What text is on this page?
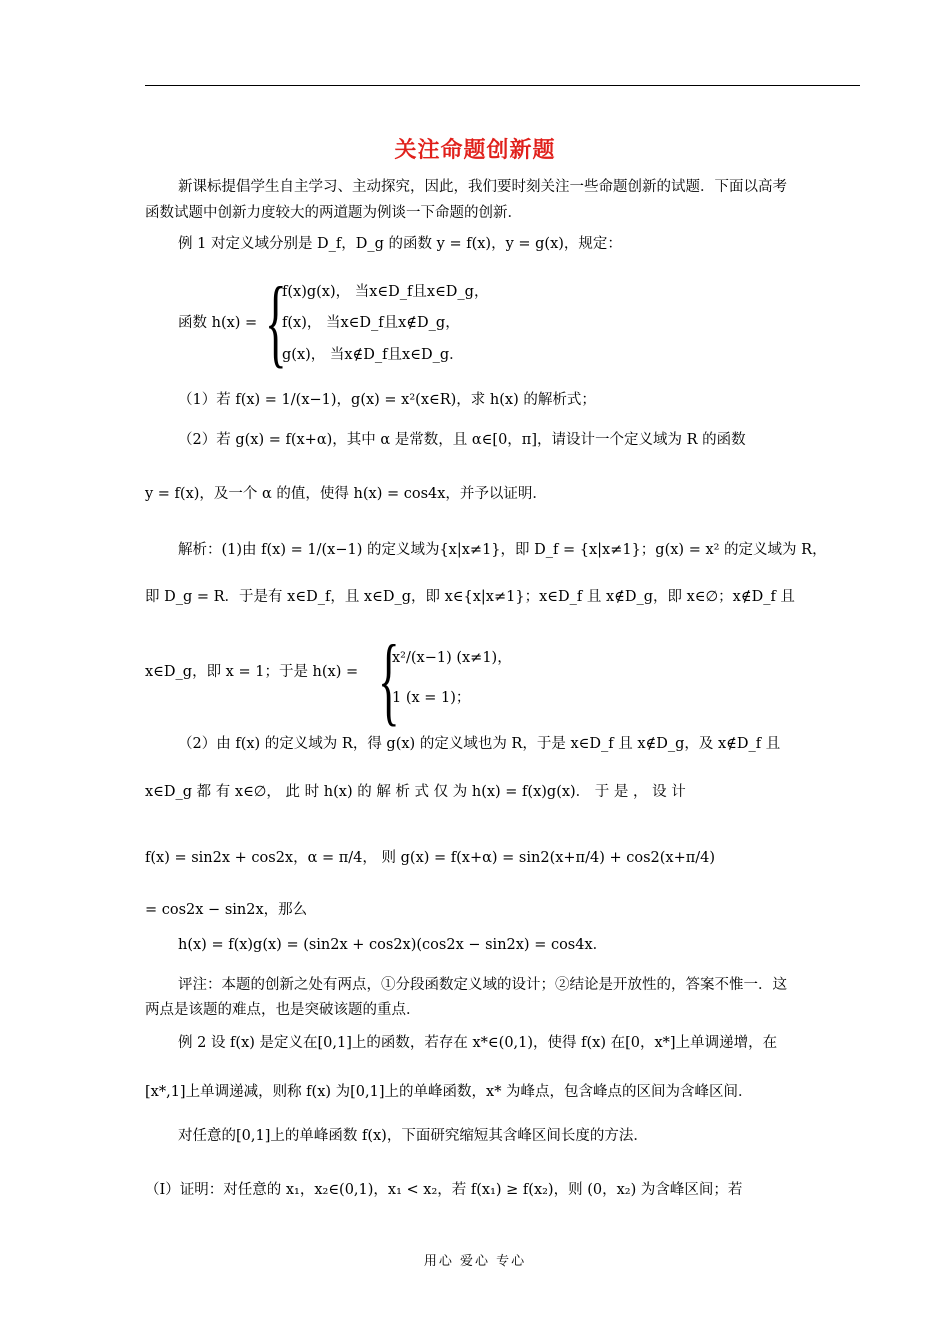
关注命题创新题
新课标提倡学生自主学习、主动探究，因此，我们要时刻关注一些命题创新的试题．下面以高考
函数试题中创新力度较大的两道题为例谈一下命题的创新．
例 1 对定义域分别是 D_f，D_g 的函数 y = f(x)，y = g(x)，规定：
函数 h(x) = {
f(x)g(x)， 当x∈D_f且x∈D_g，
f(x)， 当x∈D_f且x∉D_g，
g(x)， 当x∉D_f且x∈D_g．
（1）若 f(x) = 1/(x−1)，g(x) = x²(x∈R)，求 h(x) 的解析式；
（2）若 g(x) = f(x+α)，其中 α 是常数，且 α∈[0，π]，请设计一个定义域为 R 的函数
y = f(x)，及一个 α 的值，使得 h(x) = cos4x，并予以证明．
解析：(1)由 f(x) = 1/(x−1) 的定义域为{x|x≠1}，即 D_f = {x|x≠1}；g(x) = x² 的定义域为 R，
即 D_g = R．于是有 x∈D_f，且 x∈D_g，即 x∈{x|x≠1}；x∈D_f 且 x∉D_g，即 x∈∅；x∉D_f 且
x∈D_g，即 x = 1；于是 h(x) = {
x²/(x−1) (x≠1)，
1 (x = 1)；
（2）由 f(x) 的定义域为 R，得 g(x) 的定义域也为 R，于是 x∈D_f 且 x∉D_g，及 x∉D_f 且
x∈D_g 都 有 x∈∅， 此 时 h(x) 的 解 析 式 仅 为 h(x) = f(x)g(x)． 于 是 ， 设 计
f(x) = sin2x + cos2x，α = π/4， 则 g(x) = f(x+α) = sin2(x+π/4) + cos2(x+π/4)
= cos2x − sin2x，那么
h(x) = f(x)g(x) = (sin2x + cos2x)(cos2x − sin2x) = cos4x．
评注：本题的创新之处有两点，①分段函数定义域的设计；②结论是开放性的，答案不惟一．这
两点是该题的难点，也是突破该题的重点．
例 2 设 f(x) 是定义在[0,1]上的函数，若存在 x*∈(0,1)，使得 f(x) 在[0，x*]上单调递增，在
[x*,1]上单调递减，则称 f(x) 为[0,1]上的单峰函数，x* 为峰点，包含峰点的区间为含峰区间．
对任意的[0,1]上的单峰函数 f(x)，下面研究缩短其含峰区间长度的方法．
（Ⅰ）证明：对任意的 x₁，x₂∈(0,1)，x₁ < x₂，若 f(x₁) ≥ f(x₂)，则 (0，x₂) 为含峰区间；若
用心 爱心 专心
